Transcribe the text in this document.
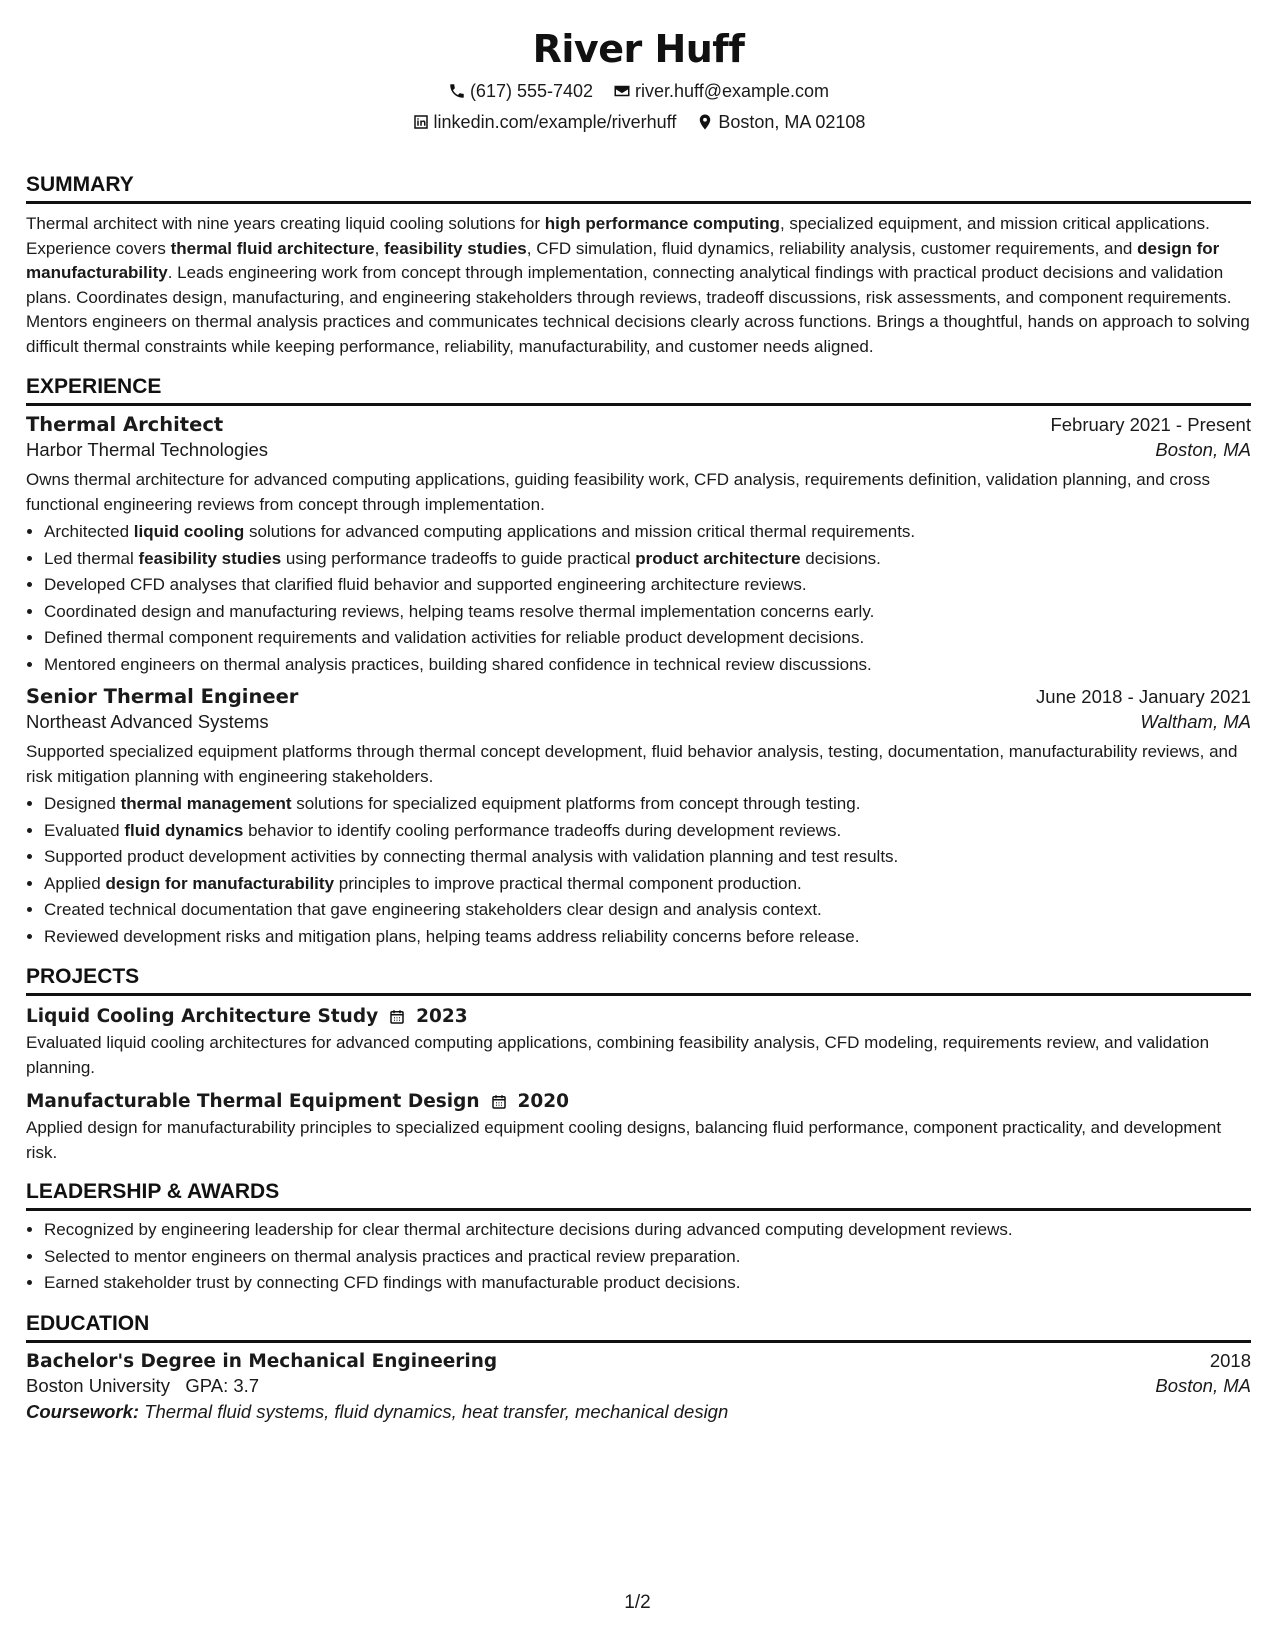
River Huff
(617) 555-7402 river.huff@example.com
linkedin.com/example/riverhuff Boston, MA 02108
SUMMARY

Thermal architect with nine years creating liquid cooling solutions for high performance computing, specialized equipment, and mission critical applications. Experience covers thermal fluid architecture, feasibility studies, CFD simulation, fluid dynamics, reliability analysis, customer requirements, and design for manufacturability. Leads engineering work from concept through implementation, connecting analytical findings with practical product decisions and validation plans. Coordinates design, manufacturing, and engineering stakeholders through reviews, tradeoff discussions, risk assessments, and component requirements. Mentors engineers on thermal analysis practices and communicates technical decisions clearly across functions. Brings a thoughtful, hands on approach to solving difficult thermal constraints while keeping performance, reliability, manufacturability, and customer needs aligned.

EXPERIENCE
Thermal Architect	February 2021 - Present
Harbor Thermal Technologies	Boston, MA

Owns thermal architecture for advanced computing applications, guiding feasibility work, CFD analysis, requirements definition, validation planning, and cross functional engineering reviews from concept through implementation.

• Architected liquid cooling solutions for advanced computing applications and mission critical thermal requirements.
• Led thermal feasibility studies using performance tradeoffs to guide practical product architecture decisions.
• Developed CFD analyses that clarified fluid behavior and supported engineering architecture reviews.
• Coordinated design and manufacturing reviews, helping teams resolve thermal implementation concerns early.
• Defined thermal component requirements and validation activities for reliable product development decisions.
• Mentored engineers on thermal analysis practices, building shared confidence in technical review discussions.
Senior Thermal Engineer	June 2018 - January 2021
Northeast Advanced Systems	Waltham, MA

Supported specialized equipment platforms through thermal concept development, fluid behavior analysis, testing, documentation, manufacturability reviews, and risk mitigation planning with engineering stakeholders.

• Designed thermal management solutions for specialized equipment platforms from concept through testing.
• Evaluated fluid dynamics behavior to identify cooling performance tradeoffs during development reviews.
• Supported product development activities by connecting thermal analysis with validation planning and test results.
• Applied design for manufacturability principles to improve practical thermal component production.
• Created technical documentation that gave engineering stakeholders clear design and analysis context.
• Reviewed development risks and mitigation plans, helping teams address reliability concerns before release.
PROJECTS
Liquid Cooling Architecture Study 2023

Evaluated liquid cooling architectures for advanced computing applications, combining feasibility analysis, CFD modeling, requirements review, and validation planning.

Manufacturable Thermal Equipment Design 2020

Applied design for manufacturability principles to specialized equipment cooling designs, balancing fluid performance, component practicality, and development risk.

LEADERSHIP & AWARDS
• Recognized by engineering leadership for clear thermal architecture decisions during advanced computing development reviews.
• Selected to mentor engineers on thermal analysis practices and practical review preparation.
• Earned stakeholder trust by connecting CFD findings with manufacturable product decisions.
EDUCATION
Bachelor's Degree in Mechanical Engineering	2018
Boston University GPA: 3.7	Boston, MA
Coursework: Thermal fluid systems, fluid dynamics, heat transfer, mechanical design
1/2
